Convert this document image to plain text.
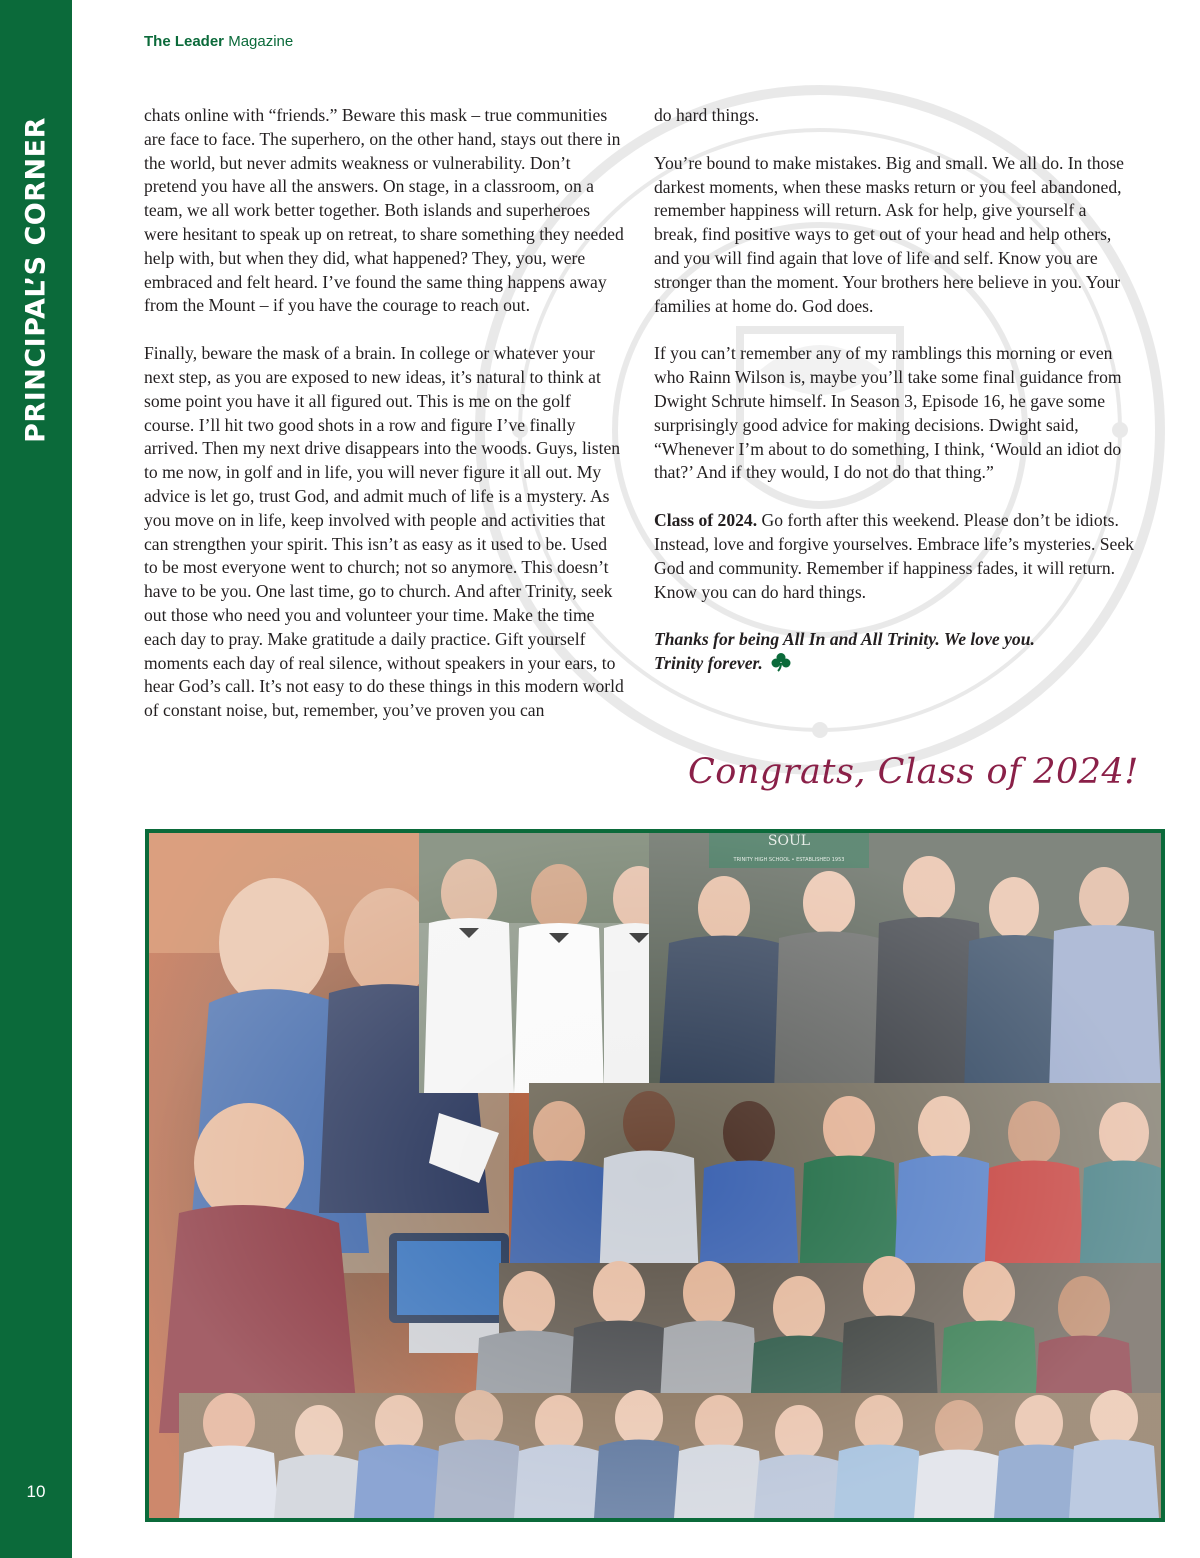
PRINCIPAL’S CORNER
10
The Leader Magazine

chats online with “friends.” Beware this mask – true communities are face to face. The superhero, on the other hand, stays out there in the world, but never admits weakness or vulnerability. Don’t pretend you have all the answers. On stage, in a classroom, on a team, we all work better together. Both islands and superheroes were hesitant to speak up on retreat, to share something they needed help with, but when they did, what happened? They, you, were embraced and felt heard. I’ve found the same thing happens away from the Mount – if you have the courage to reach out.

Finally, beware the mask of a brain. In college or whatever your next step, as you are exposed to new ideas, it’s natural to think at some point you have it all figured out. This is me on the golf course. I’ll hit two good shots in a row and figure I’ve finally arrived. Then my next drive disappears into the woods. Guys, listen to me now, in golf and in life, you will never figure it all out. My advice is let go, trust God, and admit much of life is a mystery. As you move on in life, keep involved with people and activities that can strengthen your spirit. This isn’t as easy as it used to be. Used to be most everyone went to church; not so anymore. This doesn’t have to be you. One last time, go to church. And after Trinity, seek out those who need you and volunteer your time. Make the time each day to pray. Make gratitude a daily practice. Gift yourself moments each day of real silence, without speakers in your ears, to hear God’s call. It’s not easy to do these things in this modern world of constant noise, but, remember, you’ve proven you can

do hard things.

You’re bound to make mistakes. Big and small. We all do. In those darkest moments, when these masks return or you feel abandoned, remember happiness will return. Ask for help, give yourself a break, find positive ways to get out of your head and help others, and you will find again that love of life and self. Know you are stronger than the moment. Your brothers here believe in you. Your families at home do. God does.

If you can’t remember any of my ramblings this morning or even who Rainn Wilson is, maybe you’ll take some final guidance from Dwight Schrute himself. In Season 3, Episode 16, he gave some surprisingly good advice for making decisions. Dwight said, “Whenever I’m about to do something, I think, ‘Would an idiot do that?’ And if they would, I do not do that thing.”

Class of 2024. Go forth after this weekend. Please don’t be idiots. Instead, love and forgive yourselves. Embrace life’s mysteries. Seek God and community. Remember if happiness fades, it will return. Know you can do hard things.

Thanks for being All In and All Trinity. We love you.
Trinity forever.

Congrats, Class of 2024!
SOUL
TRINITY HIGH SCHOOL • ESTABLISHED 1953
